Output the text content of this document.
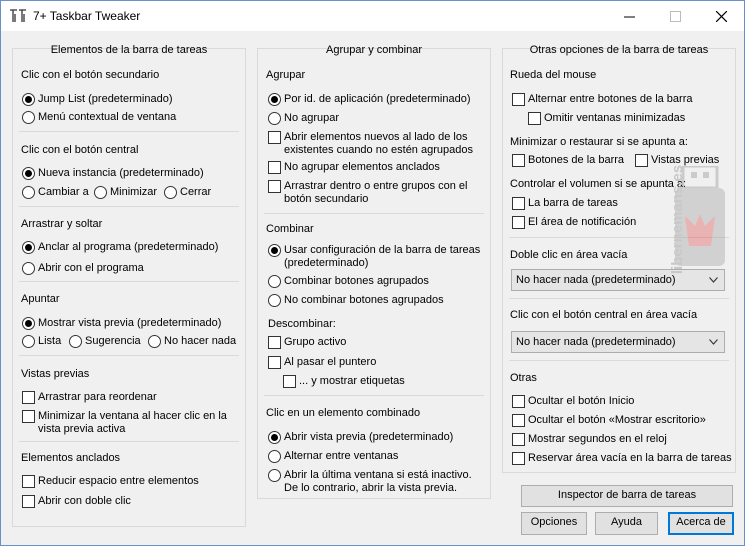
7+ Taskbar Tweaker
Elementos de la barra de tareas
Clic con el botón secundario
Jump List (predeterminado)
Menú contextual de ventana
Clic con el botón central
Nueva instancia (predeterminado)
Cambiar a Minimizar Cerrar
Arrastrar y soltar
Anclar al programa (predeterminado)
Abrir con el programa
Apuntar
Mostrar vista previa (predeterminado)
Lista Sugerencia No hacer nada
Vistas previas
Arrastrar para reordenar
Minimizar la ventana al hacer clic en la vista previa activa
Elementos anclados
Reducir espacio entre elementos
Abrir con doble clic
Agrupar y combinar
Agrupar
Por id. de aplicación (predeterminado)
No agrupar
Abrir elementos nuevos al lado de los existentes cuando no estén agrupados
No agrupar elementos anclados
Arrastrar dentro o entre grupos con el botón secundario
Combinar
Usar configuración de la barra de tareas (predeterminado)
Combinar botones agrupados
No combinar botones agrupados
Descombinar:
Grupo activo
Al pasar el puntero
... y mostrar etiquetas
Clic en un elemento combinado
Abrir vista previa (predeterminado)
Alternar entre ventanas
Abrir la última ventana si está inactivo. De lo contrario, abrir la vista previa.
Otras opciones de la barra de tareas
Rueda del mouse
Alternar entre botones de la barra
Omitir ventanas minimizadas
Minimizar o restaurar si se apunta a:
Botones de la barra Vistas previas
Controlar el volumen si se apunta a:
La barra de tareas
El área de notificación
Doble clic en área vacía
No hacer nada (predeterminado)
Clic con el botón central en área vacía
No hacer nada (predeterminado)
Otras
Ocultar el botón Inicio
Ocultar el botón «Mostrar escritorio»
Mostrar segundos en el reloj
Reservar área vacía en la barra de tareas
libernemans.es
Inspector de barra de tareas
Opciones	Ayuda	Acerca de
